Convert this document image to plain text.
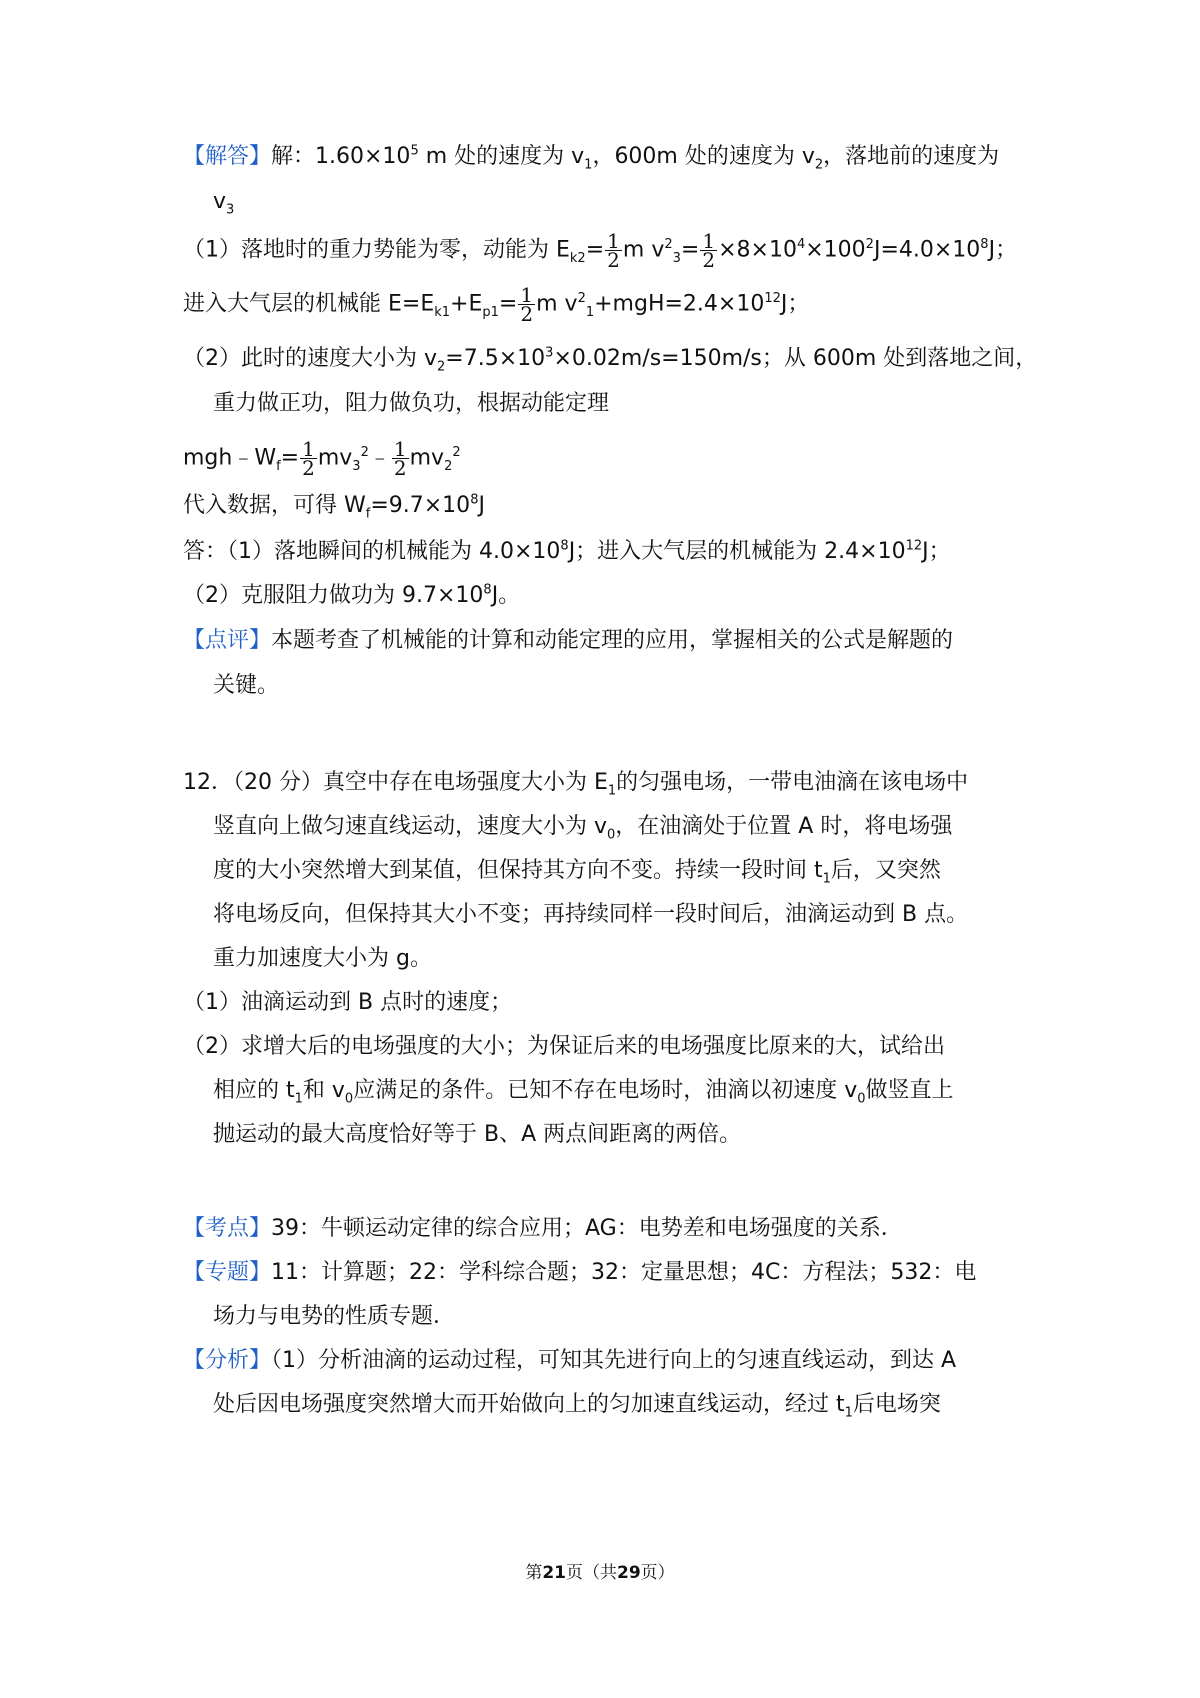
【解答】解：$1.60\times 10^5$ m 处的速度为 $v_1$，600m 处的速度为 $v_2$，落地前的速度为
$v_3$
（1）落地时的重力势能为零，动能为 $E_{k2}= \frac{1}{2}$ m $v^2_3= \frac{1}{2} \times 8\times 10^4\times 100^2J=4.0\times 10^8J$；
进入大气层的机械能 $E=E_{k1}+E_{p1}= \frac{1}{2}$ m $v^2_1+mgH=2.4\times 10^{12}J$；
（2）此时的速度大小为 $v_2=7.5\times 10^3\times 0.02m/s=150m/s$；从 600m 处到落地之间，
重力做正功，阻力做负功，根据动能定理
$mgh﹣W_f= \frac{1}{2}$ $mv_3^2﹣ \frac{1}{2} mv_2^2$
代入数据，可得 $W_f=9.7\times 10^8J$
答：（1）落地瞬间的机械能为 $4.0\times 10^8J$；进入大气层的机械能为 $2.4\times 10^{12}J$；
（2）克服阻力做功为 $9.7\times 10^8J$。
【点评】本题考查了机械能的计算和动能定理的应用，掌握相关的公式是解题的
关键。
12．（20 分）真空中存在电场强度大小为 $E_1$的匀强电场，一带电油滴在该电场中
竖直向上做匀速直线运动，速度大小为 $v_0$，在油滴处于位置 A 时，将电场强
度的大小突然增大到某值，但保持其方向不变。持续一段时间 $t_1$后，又突然
将电场反向，但保持其大小不变；再持续同样一段时间后，油滴运动到 B 点。
重力加速度大小为 g。
（1）油滴运动到 B 点时的速度；
（2）求增大后的电场强度的大小；为保证后来的电场强度比原来的大，试给出
相应的 $t_1$和 $v_0$应满足的条件。已知不存在电场时，油滴以初速度 $v_0$做竖直上
抛运动的最大高度恰好等于 B、A 两点间距离的两倍。
【考点】39：牛顿运动定律的综合应用；AG：电势差和电场强度的关系．
【专题】11：计算题；22：学科综合题；32：定量思想；4C：方程法；532：电
场力与电势的性质专题．
【分析】（1）分析油滴的运动过程，可知其先进行向上的匀速直线运动，到达 A
处后因电场强度突然增大而开始做向上的匀加速直线运动，经过 $t_1$后电场突
第21页（共29页）
